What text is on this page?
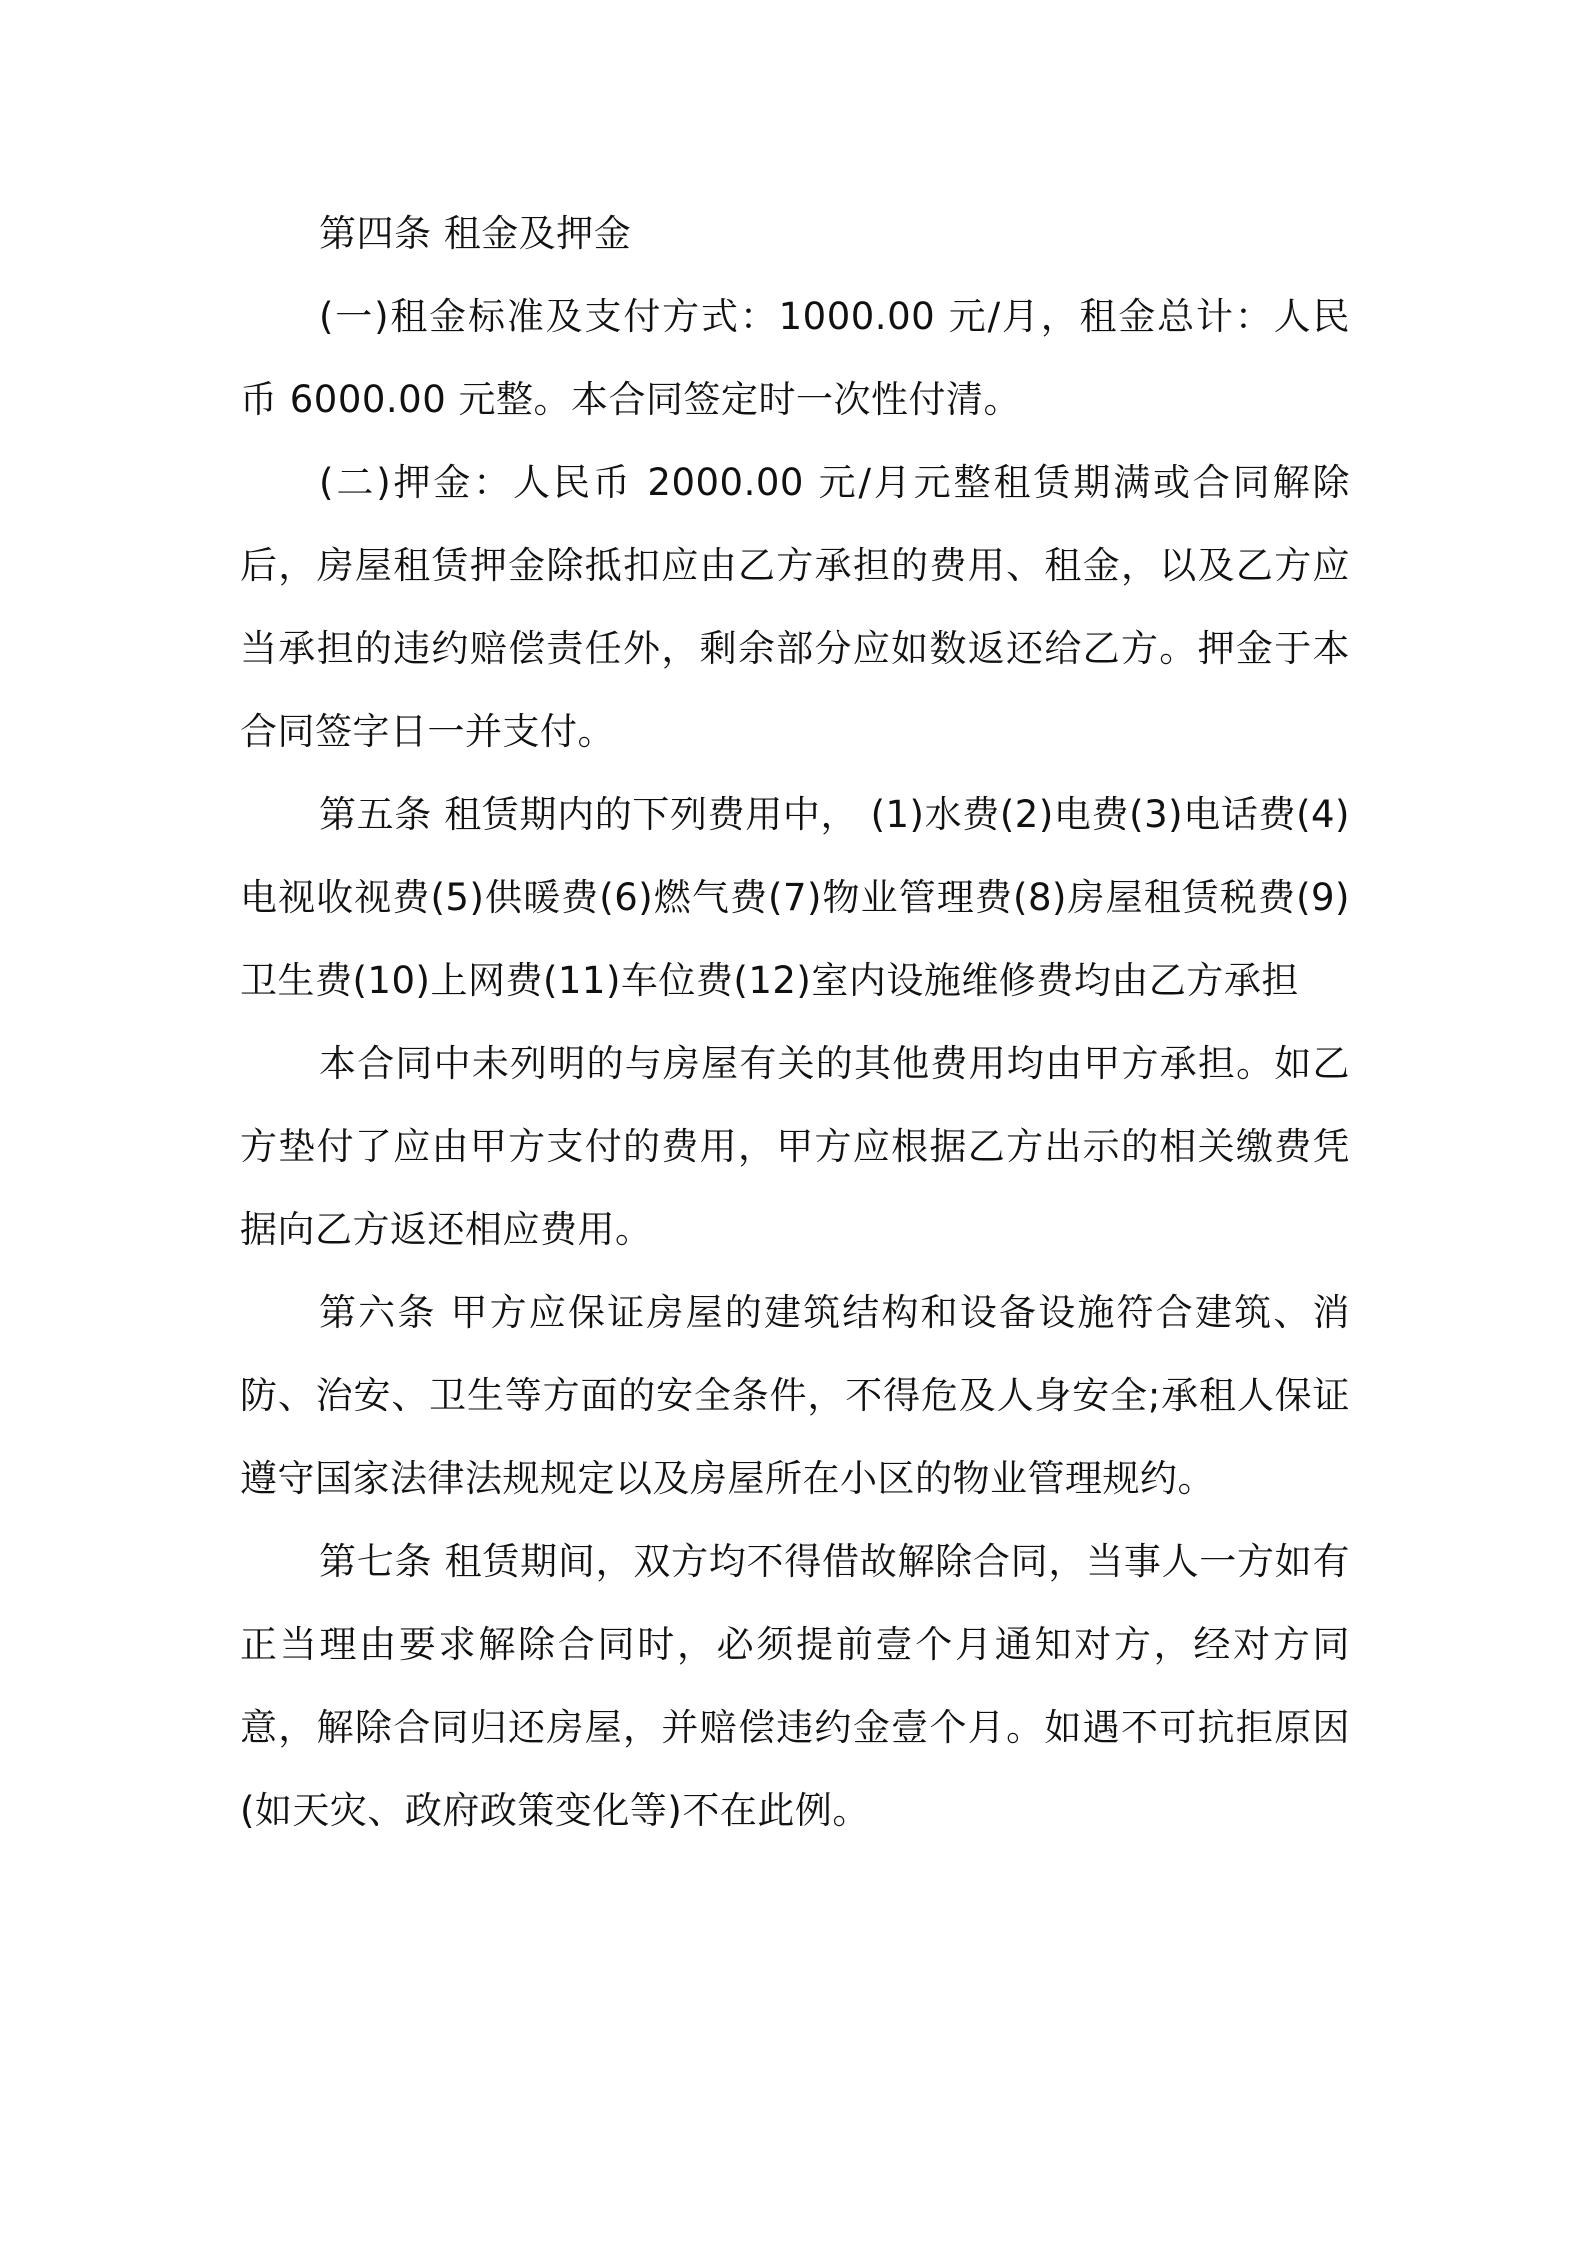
第四条 租金及押金

(一)租金标准及支付方式：1000.00 元/月，租金总计：人民币 6000.00 元整。本合同签定时一次性付清。

(二)押金：人民币 2000.00 元/月元整租赁期满或合同解除后，房屋租赁押金除抵扣应由乙方承担的费用、租金，以及乙方应当承担的违约赔偿责任外，剩余部分应如数返还给乙方。押金于本合同签字日一并支付。

第五条 租赁期内的下列费用中， (1)水费(2)电费(3)电话费(4)电视收视费(5)供暖费(6)燃气费(7)物业管理费(8)房屋租赁税费(9)卫生费(10)上网费(11)车位费(12)室内设施维修费均由乙方承担

本合同中未列明的与房屋有关的其他费用均由甲方承担。如乙方垫付了应由甲方支付的费用，甲方应根据乙方出示的相关缴费凭据向乙方返还相应费用。

第六条 甲方应保证房屋的建筑结构和设备设施符合建筑、消防、治安、卫生等方面的安全条件，不得危及人身安全;承租人保证遵守国家法律法规规定以及房屋所在小区的物业管理规约。

第七条 租赁期间，双方均不得借故解除合同，当事人一方如有正当理由要求解除合同时，必须提前壹个月通知对方，经对方同意，解除合同归还房屋，并赔偿违约金壹个月。如遇不可抗拒原因(如天灾、政府政策变化等)不在此例。
